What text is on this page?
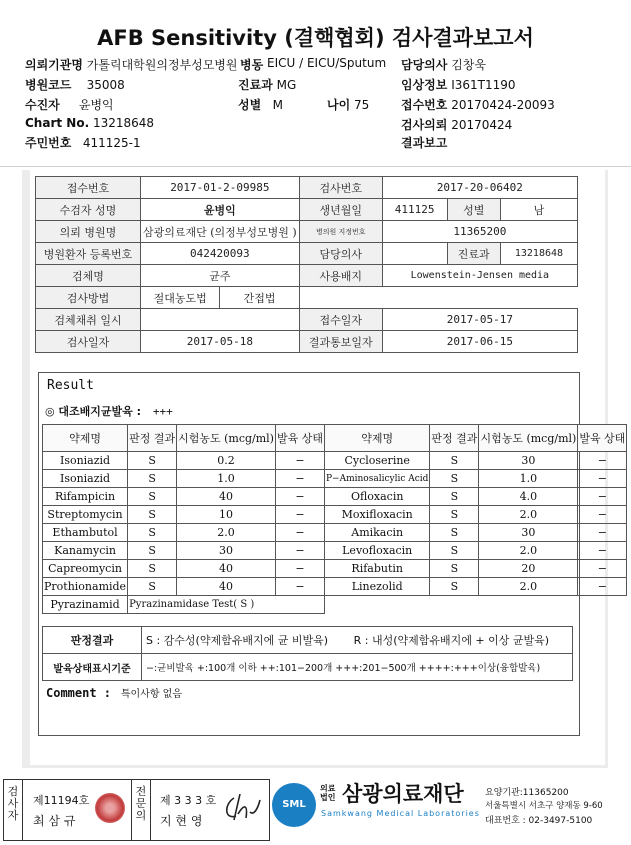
AFB Sensitivity (결핵협회) 검사결과보고서
의뢰기관명 가톨릭대학원의정부성모병원 병동 EICU / EICU/Sputum 담당의사 김창욱
병원코드 35008	진료과 MG	임상정보 I361T1190
수진자 윤병익	성별 M	나이 75	접수번호 20170424-20093
Chart No. 13218648	검사의뢰 20170424
주민번호 411125-1	결과보고
접수번호	2017-01-2-09985		검사번호	2017-20-06402		
수검자 성명	윤병익		생년월일	411125	성별	남
의뢰 병원명	삼광의료재단 (의정부성모병원 )		병의원 지정번호	11365200		
병원환자 등록번호	042420093		담당의사		진료과	13218648
검체명	균주		사용배지	Lowenstein-Jensen media		
검사방법	절대농도법	간접법				
검체채취 일시			접수일자	2017-05-17		
검사일자	2017-05-18		결과통보일자	2017-06-15		
Result
◎ 대조배지균발육 : +++
약제명	판정 결과	시험농도 (mcg/ml)	발육 상태	약제명	판정 결과	시험농도 (mcg/ml)	발육 상태
Isoniazid	S	0.2	−	Cycloserine	S	30	−
Isoniazid	S	1.0	−	P−Aminosalicylic Acid	S	1.0	−
Rifampicin	S	40	−	Ofloxacin	S	4.0	−
Streptomycin	S	10	−	Moxifloxacin	S	2.0	−
Ethambutol	S	2.0	−	Amikacin	S	30	−
Kanamycin	S	30	−	Levofloxacin	S	2.0	−
Capreomycin	S	40	−	Rifabutin	S	20	−
Prothionamide	S	40	−	Linezolid	S	2.0	−
Pyrazinamid	Pyrazinamidase Test( S )						
판정결과	S : 감수성(약제함유배지에 균 비발육)	R : 내성(약제함유배지에 + 이상 균발육)
발육상태표시기준	−:균비발육 +:100개 이하 ++:101−200개 +++:201−500개 ++++:+++이상(융합발육)	
Comment : 특이사항 없음
검사자
제11194호
최 삼 규
전문의
제 3 3 3 호
지 현 영
SML
의료법인 삼광의료재단
Samkwang Medical Laboratories
요양기관:11365200
서울특별시 서초구 양재동 9-60
대표번호 : 02-3497-5100
